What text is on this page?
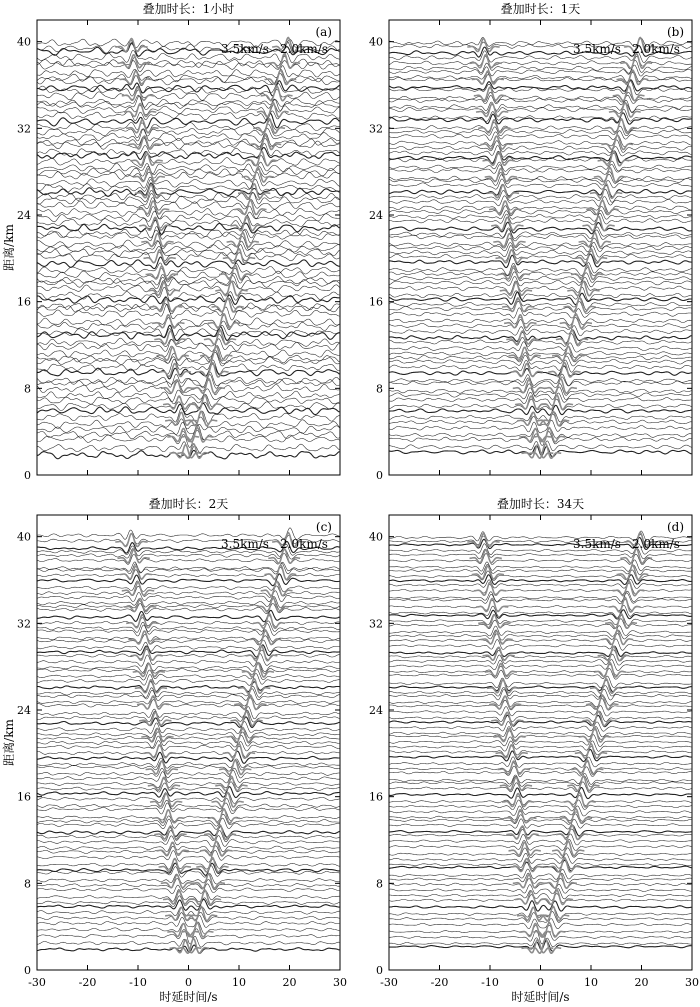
0
8
16
24
32
40
叠加时长：1小时
(a)
3.5km/s 2.0km/s
距离/km
0
8
16
24
32
40
叠加时长：1天
(b)
3.5km/s 2.0km/s
-30	-20	-10	0	10	20	30
0
8
16
24
32
40
叠加时长：2天
(c)
3.5km/s 2.0km/s
距离/km
时延时间/s
-30	-20	-10	0	10	20	30
0
8
16
24
32
40
叠加时长：34天
(d)
3.5km/s 2.0km/s
时延时间/s
